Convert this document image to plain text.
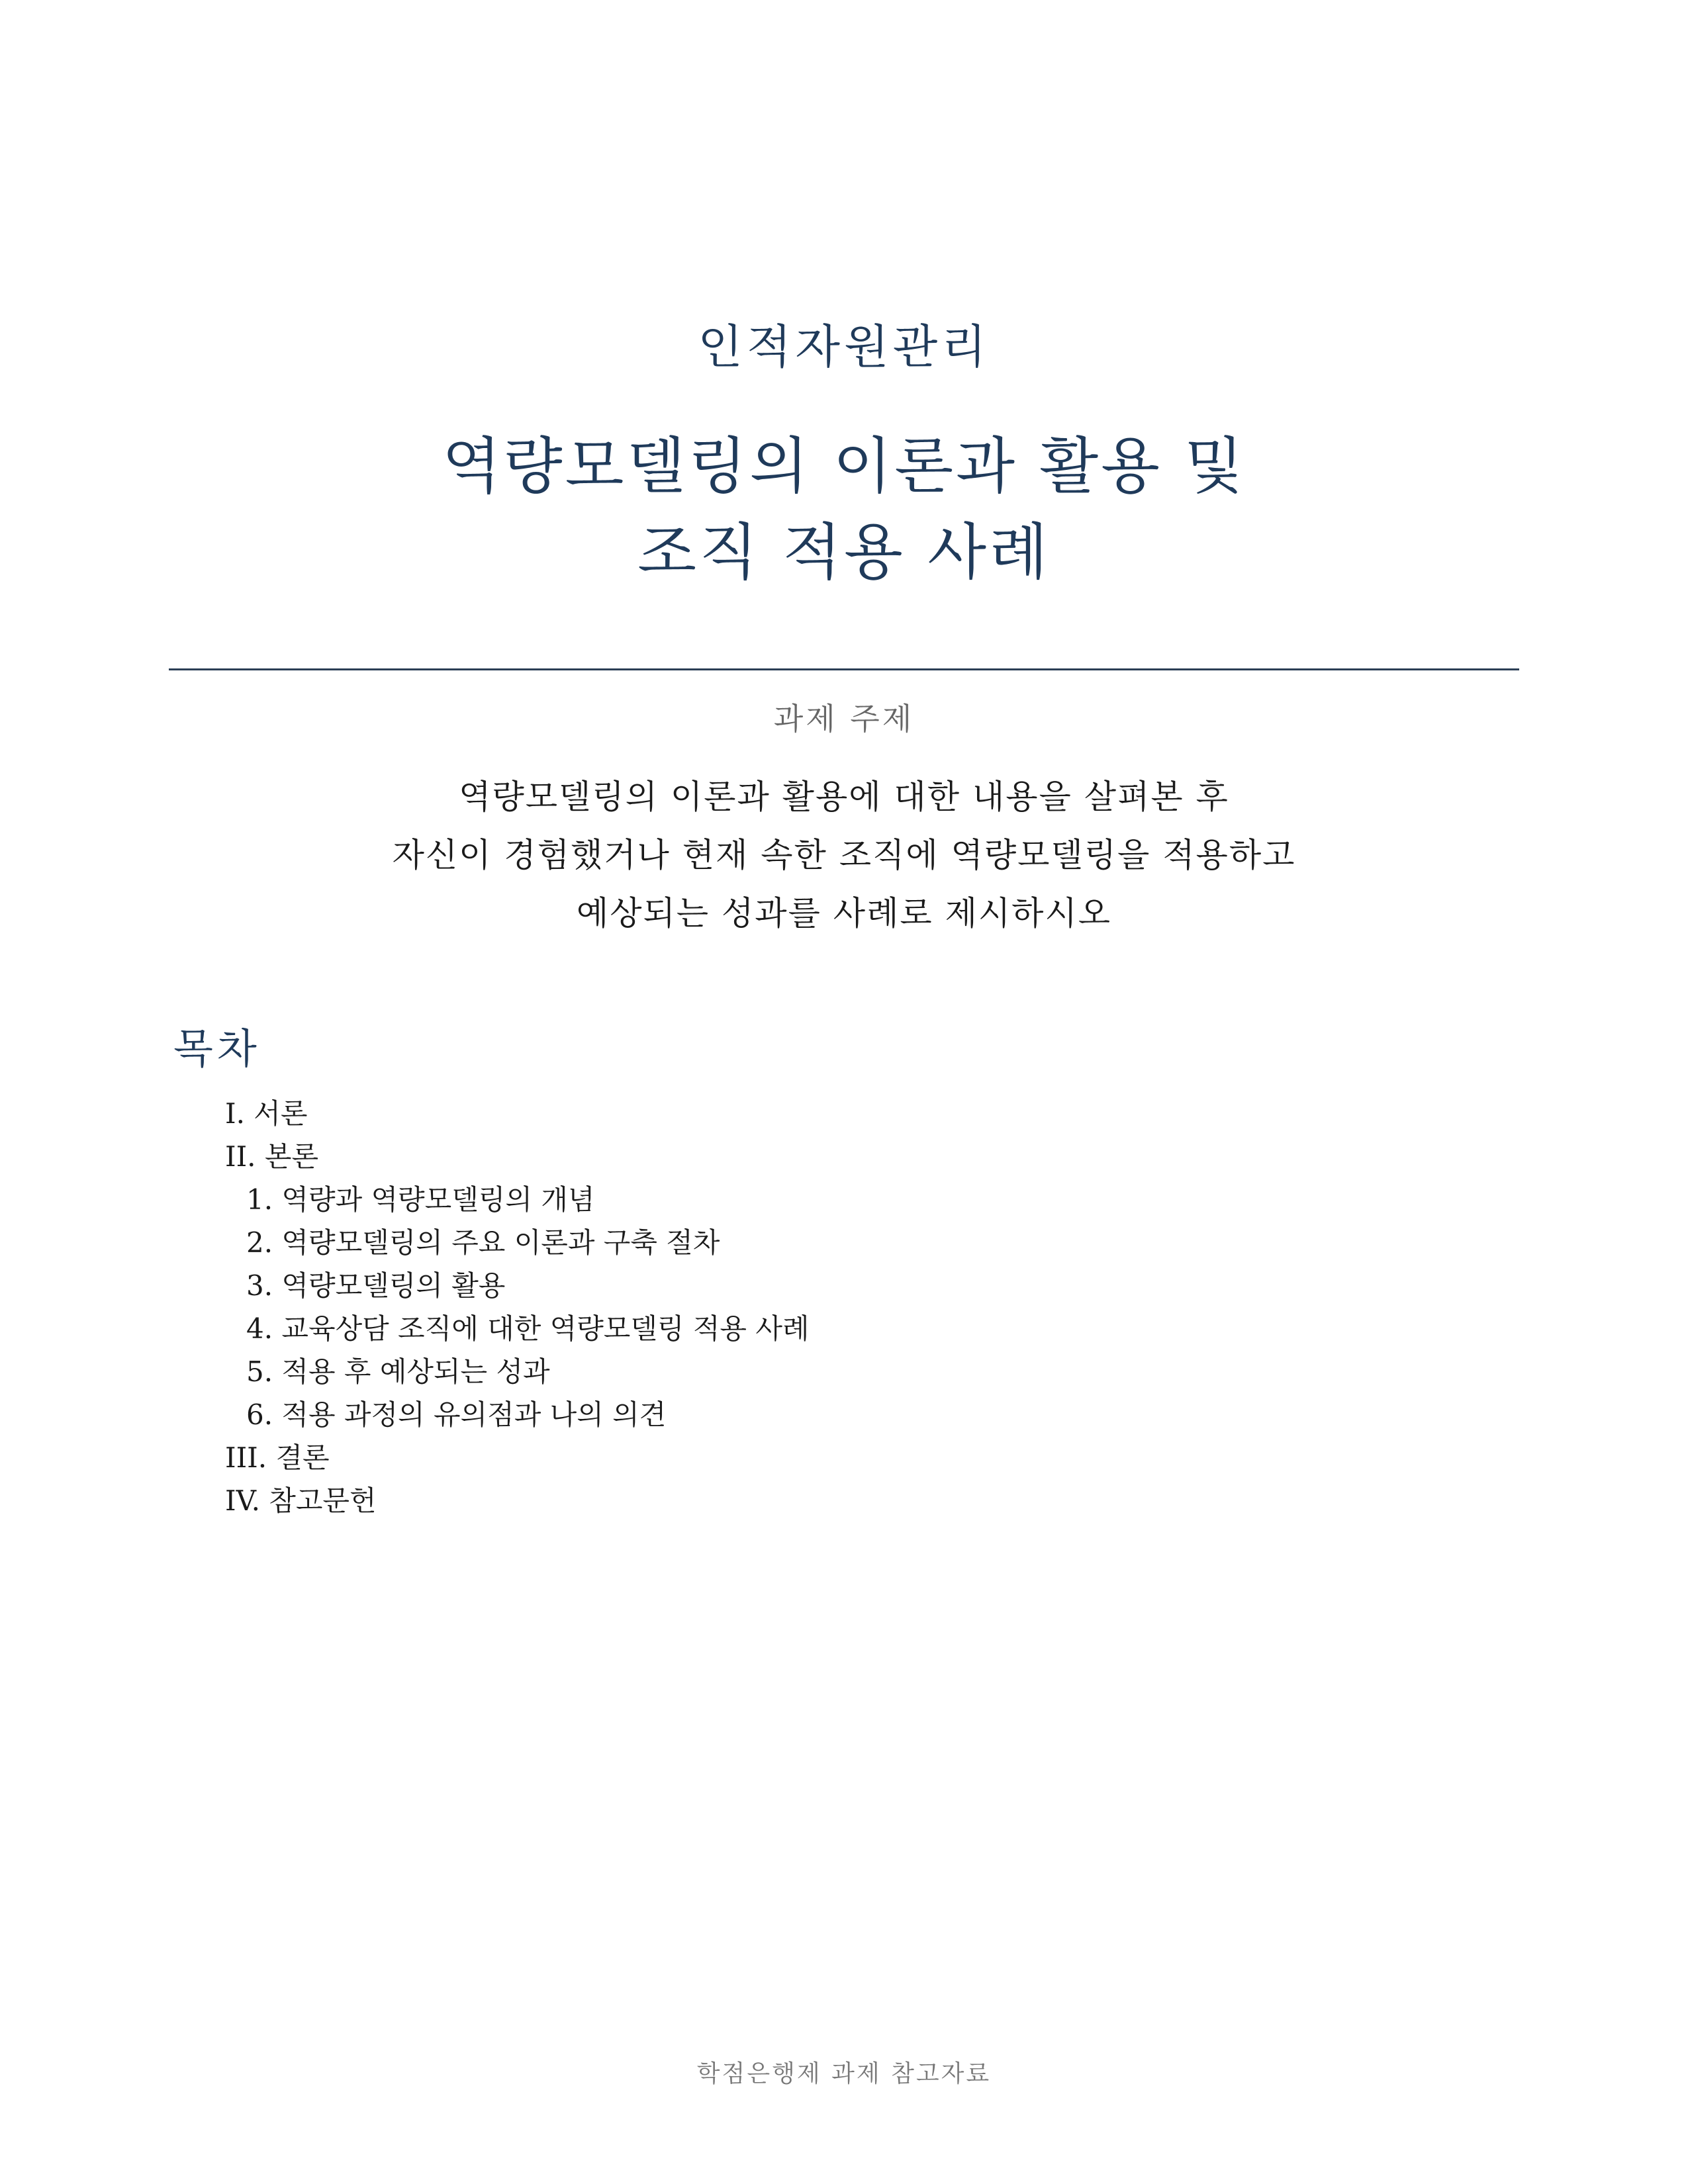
인적자원관리
역량모델링의 이론과 활용 및
조직 적용 사례
과제 주제
역량모델링의 이론과 활용에 대한 내용을 살펴본 후
자신이 경험했거나 현재 속한 조직에 역량모델링을 적용하고
예상되는 성과를 사례로 제시하시오
목차
I. 서론
II. 본론
1. 역량과 역량모델링의 개념
2. 역량모델링의 주요 이론과 구축 절차
3. 역량모델링의 활용
4. 교육상담 조직에 대한 역량모델링 적용 사례
5. 적용 후 예상되는 성과
6. 적용 과정의 유의점과 나의 의견
III. 결론
IV. 참고문헌
학점은행제 과제 참고자료
